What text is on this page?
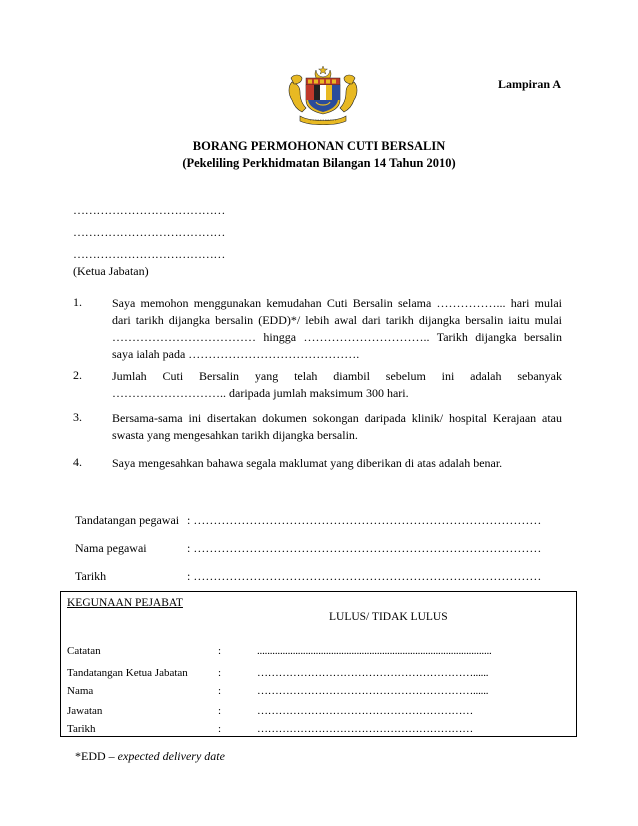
Lampiran A
BORANG PERMOHONAN CUTI BERSALIN
(Pekeliling Perkhidmatan Bilangan 14 Tahun 2010)
…………………………………
…………………………………
…………………………………
(Ketua Jabatan)
1.	Saya memohon menggunakan kemudahan Cuti Bersalin selama ……………... hari mulai
dari tarikh dijangka bersalin (EDD)*/ lebih awal dari tarikh dijangka bersalin iaitu mulai
……………………………… hingga ………………………….. Tarikh dijangka bersalin
saya ialah pada …………………………………….
2.	Jumlah Cuti Bersalin yang telah diambil sebelum ini adalah sebanyak
……………………….. daripada jumlah maksimum 300 hari.
3.	Bersama-sama ini disertakan dokumen sokongan daripada klinik/ hospital Kerajaan atau
swasta yang mengesahkan tarikh dijangka bersalin.
4.	Saya mengesahkan bahawa segala maklumat yang diberikan di atas adalah benar.
Tandatangan pegawai : ……………………………………………………………………………
Nama pegawai	: ……………………………………………………………………………
Tarikh	: ……………………………………………………………………………
KEGUNAAN PEJABAT
LULUS/ TIDAK LULUS
Catatan	:	............................................................................................
Tandatangan Ketua Jabatan	:	……………………………………………………......
Nama	:	……………………………………………………......
Jawatan	:	……………………………………………………
Tarikh	:	……………………………………………………
*EDD – expected delivery date
